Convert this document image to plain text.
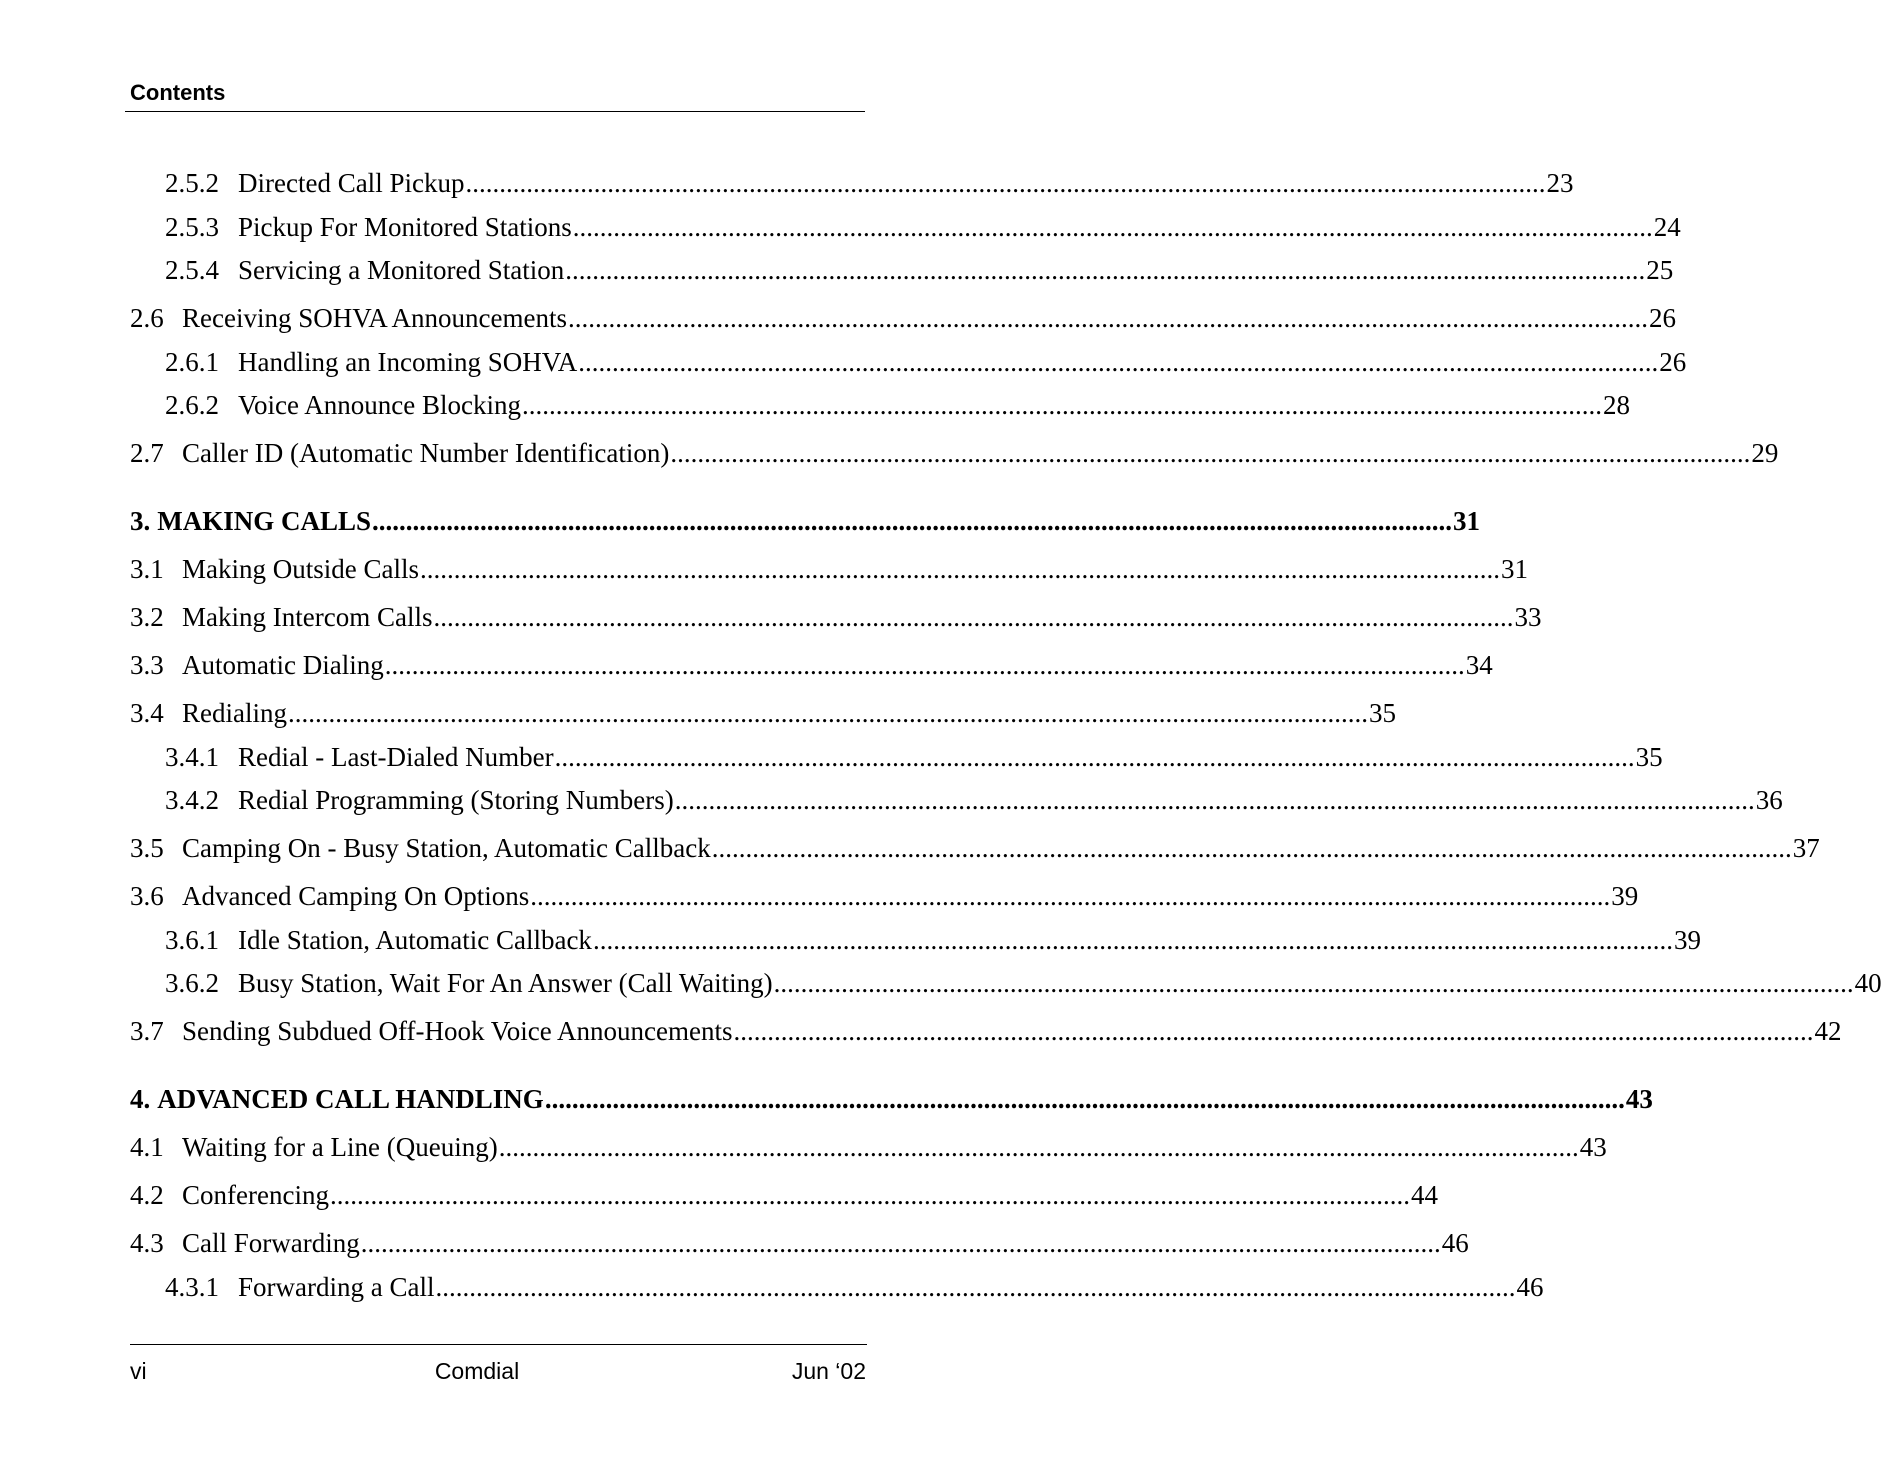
Contents
2.5.2 Directed Call Pickup .....	23
2.5.3 Pickup For Monitored Stations .....	24
2.5.4 Servicing a Monitored Station .....	25
2.6 Receiving SOHVA Announcements .....	26
2.6.1 Handling an Incoming SOHVA .....	26
2.6.2 Voice Announce Blocking .....	28
2.7 Caller ID (Automatic Number Identification) .....	29
3. MAKING CALLS .....	31
3.1 Making Outside Calls .....	31
3.2 Making Intercom Calls .....	33
3.3 Automatic Dialing .....	34
3.4 Redialing .....	35
3.4.1 Redial - Last-Dialed Number .....	35
3.4.2 Redial Programming (Storing Numbers) .....	36
3.5 Camping On - Busy Station, Automatic Callback .....	37
3.6 Advanced Camping On Options .....	39
3.6.1 Idle Station, Automatic Callback .....	39
3.6.2 Busy Station, Wait For An Answer (Call Waiting) .....	40
3.7 Sending Subdued Off-Hook Voice Announcements .....	42
4. ADVANCED CALL HANDLING .....	43
4.1 Waiting for a Line (Queuing) .....	43
4.2 Conferencing .....	44
4.3 Call Forwarding .....	46
4.3.1 Forwarding a Call .....	46
vi	Comdial	Jun ‘02
